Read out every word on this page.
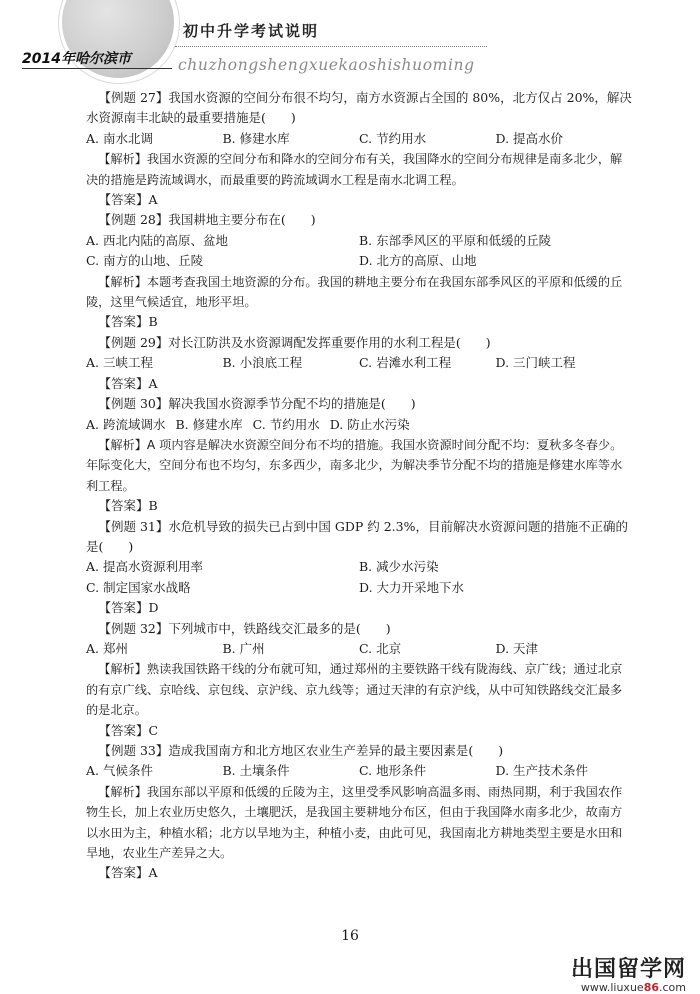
初中升学考试说明
2014年哈尔滨市	chuzhongshengxuekaoshishuoming

【例题 27】我国水资源的空间分布很不均匀，南方水资源占全国的 80%，北方仅占 20%，解决水资源南丰北缺的最重要措施是(　　)

A. 南水北调	B. 修建水库	C. 节约用水	D. 提高水价

【解析】我国水资源的空间分布和降水的空间分布有关，我国降水的空间分布规律是南多北少，解决的措施是跨流域调水，而最重要的跨流域调水工程是南水北调工程。

【答案】A

【例题 28】我国耕地主要分布在(　　)

A. 西北内陆的高原、盆地	B. 东部季风区的平原和低缓的丘陵
C. 南方的山地、丘陵	D. 北方的高原、山地

【解析】本题考查我国土地资源的分布。我国的耕地主要分布在我国东部季风区的平原和低缓的丘陵，这里气候适宜，地形平坦。

【答案】B

【例题 29】对长江防洪及水资源调配发挥重要作用的水利工程是(　　)

A. 三峡工程	B. 小浪底工程	C. 岩滩水利工程	D. 三门峡工程

【答案】A

【例题 30】解决我国水资源季节分配不均的措施是(　　)

A. 跨流域调水 B. 修建水库 C. 节约用水 D. 防止水污染

【解析】A 项内容是解决水资源空间分布不均的措施。我国水资源时间分配不均：夏秋多冬春少。年际变化大，空间分布也不均匀，东多西少，南多北少，为解决季节分配不均的措施是修建水库等水利工程。

【答案】B

【例题 31】水危机导致的损失已占到中国 GDP 约 2.3%，目前解决水资源问题的措施不正确的是(　　)

A. 提高水资源利用率	B. 减少水污染
C. 制定国家水战略	D. 大力开采地下水

【答案】D

【例题 32】下列城市中，铁路线交汇最多的是(　　)

A. 郑州	B. 广州	C. 北京	D. 天津

【解析】熟读我国铁路干线的分布就可知，通过郑州的主要铁路干线有陇海线、京广线；通过北京的有京广线、京哈线、京包线、京沪线、京九线等；通过天津的有京沪线，从中可知铁路线交汇最多的是北京。

【答案】C

【例题 33】造成我国南方和北方地区农业生产差异的最主要因素是(　　)

A. 气候条件	B. 土壤条件	C. 地形条件	D. 生产技术条件

【解析】我国东部以平原和低缓的丘陵为主，这里受季风影响高温多雨、雨热同期，利于我国农作物生长，加上农业历史悠久，土壤肥沃，是我国主要耕地分布区，但由于我国降水南多北少，故南方以水田为主，种植水稻；北方以旱地为主，种植小麦，由此可见，我国南北方耕地类型主要是水田和旱地，农业生产差异之大。

【答案】A

16
出国留学网
www.liuxue86.com
